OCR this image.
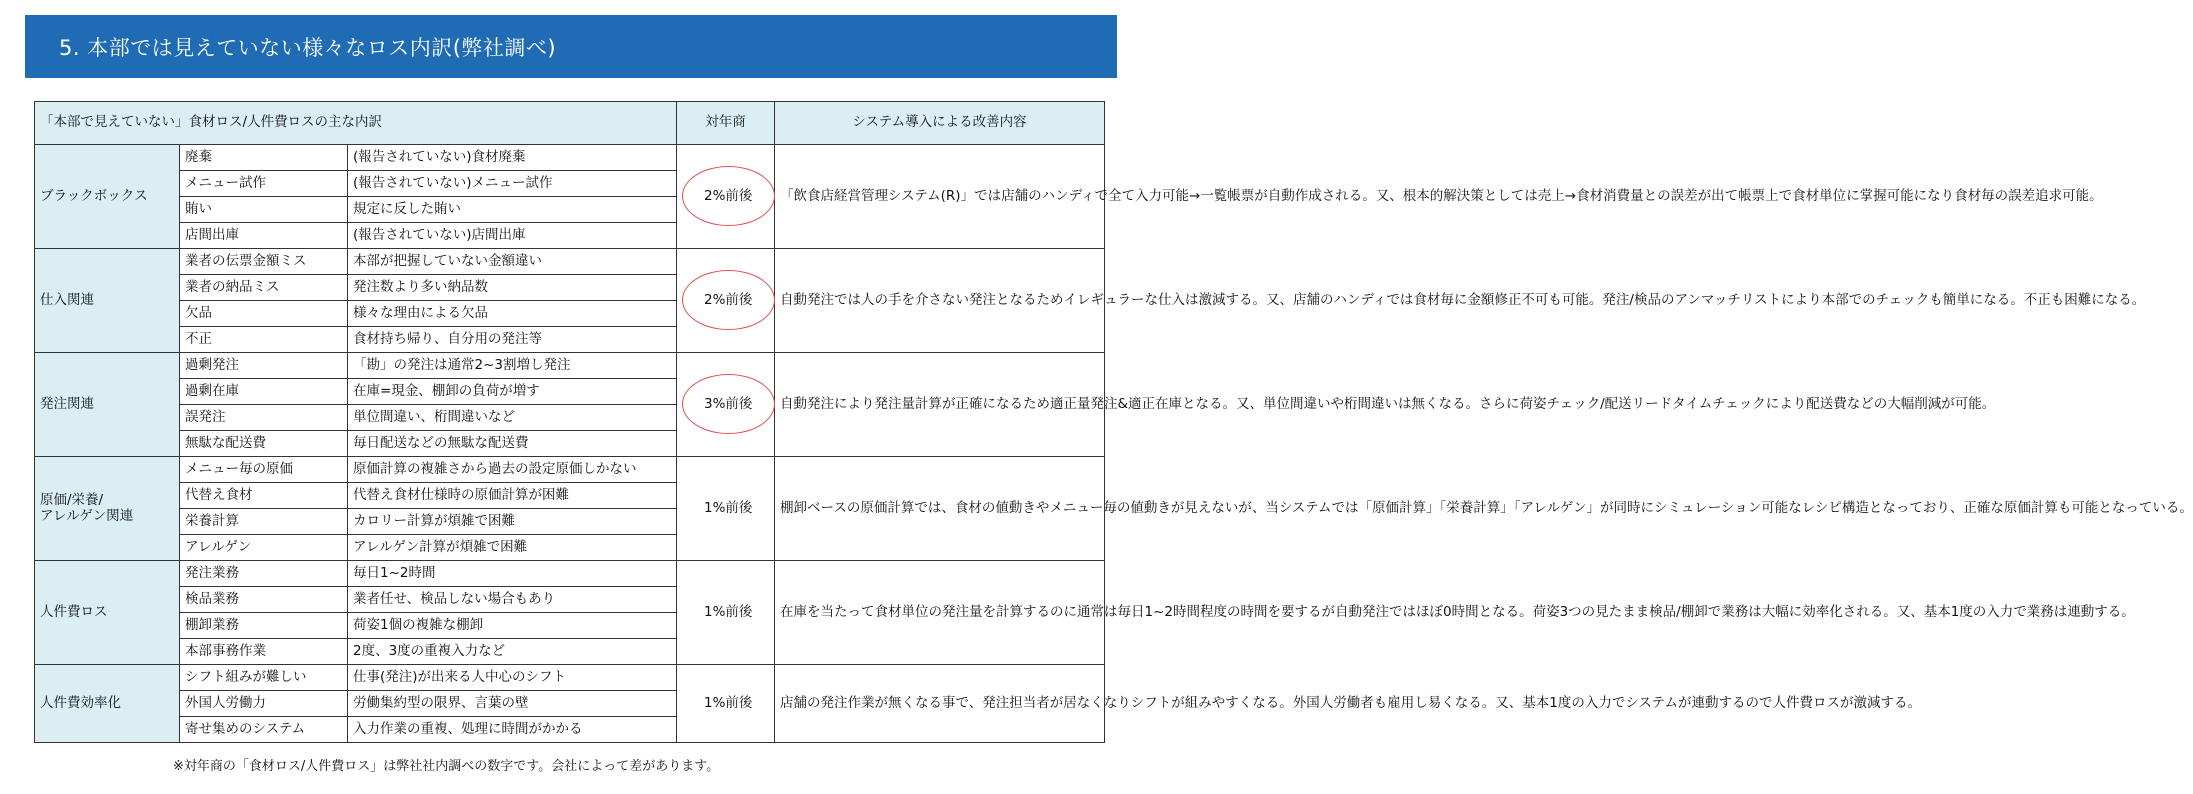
5. 本部では見えていない様々なロス内訳(弊社調べ)
「本部で見えていない」食材ロス/人件費ロスの主な内訳			対年商	システム導入による改善内容
ブラックボックス	廃棄	(報告されていない)食材廃棄	2%前後	「飲食店経営管理システム(R)」では店舗のハンディで全て入力可能→一覧帳票が自動作成される。又、根本的解決策としては売上→食材消費量との誤差が出て帳票上で食材単位に掌握可能になり食材毎の誤差追求可能。
	メニュー試作	(報告されていない)メニュー試作		
	賄い	規定に反した賄い		
	店間出庫	(報告されていない)店間出庫		
仕入関連	業者の伝票金額ミス	本部が把握していない金額違い	2%前後	自動発注では人の手を介さない発注となるためイレギュラーな仕入は激減する。又、店舗のハンディでは食材毎に金額修正不可も可能。発注/検品のアンマッチリストにより本部でのチェックも簡単になる。不正も困難になる。
	業者の納品ミス	発注数より多い納品数		
	欠品	様々な理由による欠品		
	不正	食材持ち帰り、自分用の発注等		
発注関連	過剰発注	「勘」の発注は通常2~3割増し発注	3%前後	自動発注により発注量計算が正確になるため適正量発注&適正在庫となる。又、単位間違いや桁間違いは無くなる。さらに荷姿チェック/配送リードタイムチェックにより配送費などの大幅削減が可能。
	過剰在庫	在庫=現金、棚卸の負荷が増す		
	誤発注	単位間違い、桁間違いなど		
	無駄な配送費	毎日配送などの無駄な配送費		
原価/栄養/
アレルゲン関連	メニュー毎の原価	原価計算の複雑さから過去の設定原価しかない	1%前後	棚卸ベースの原価計算では、食材の値動きやメニュー毎の値動きが見えないが、当システムでは「原価計算」「栄養計算」「アレルゲン」が同時にシミュレーション可能なレシピ構造となっており、正確な原価計算も可能となっている。
	代替え食材	代替え食材仕様時の原価計算が困難		
	栄養計算	カロリー計算が煩雑で困難		
	アレルゲン	アレルゲン計算が煩雑で困難		
人件費ロス	発注業務	毎日1~2時間	1%前後	在庫を当たって食材単位の発注量を計算するのに通常は毎日1~2時間程度の時間を要するが自動発注ではほぼ0時間となる。荷姿3つの見たまま検品/棚卸で業務は大幅に効率化される。又、基本1度の入力で業務は連動する。
	検品業務	業者任せ、検品しない場合もあり		
	棚卸業務	荷姿1個の複雑な棚卸		
	本部事務作業	2度、3度の重複入力など		
人件費効率化	シフト組みが難しい	仕事(発注)が出来る人中心のシフト	1%前後	店舗の発注作業が無くなる事で、発注担当者が居なくなりシフトが組みやすくなる。外国人労働者も雇用し易くなる。又、基本1度の入力でシステムが連動するので人件費ロスが激減する。
	外国人労働力	労働集約型の限界、言葉の壁		
	寄せ集めのシステム	入力作業の重複、処理に時間がかかる		
※対年商の「食材ロス/人件費ロス」は弊社社内調べの数字です。会社によって差があります。
